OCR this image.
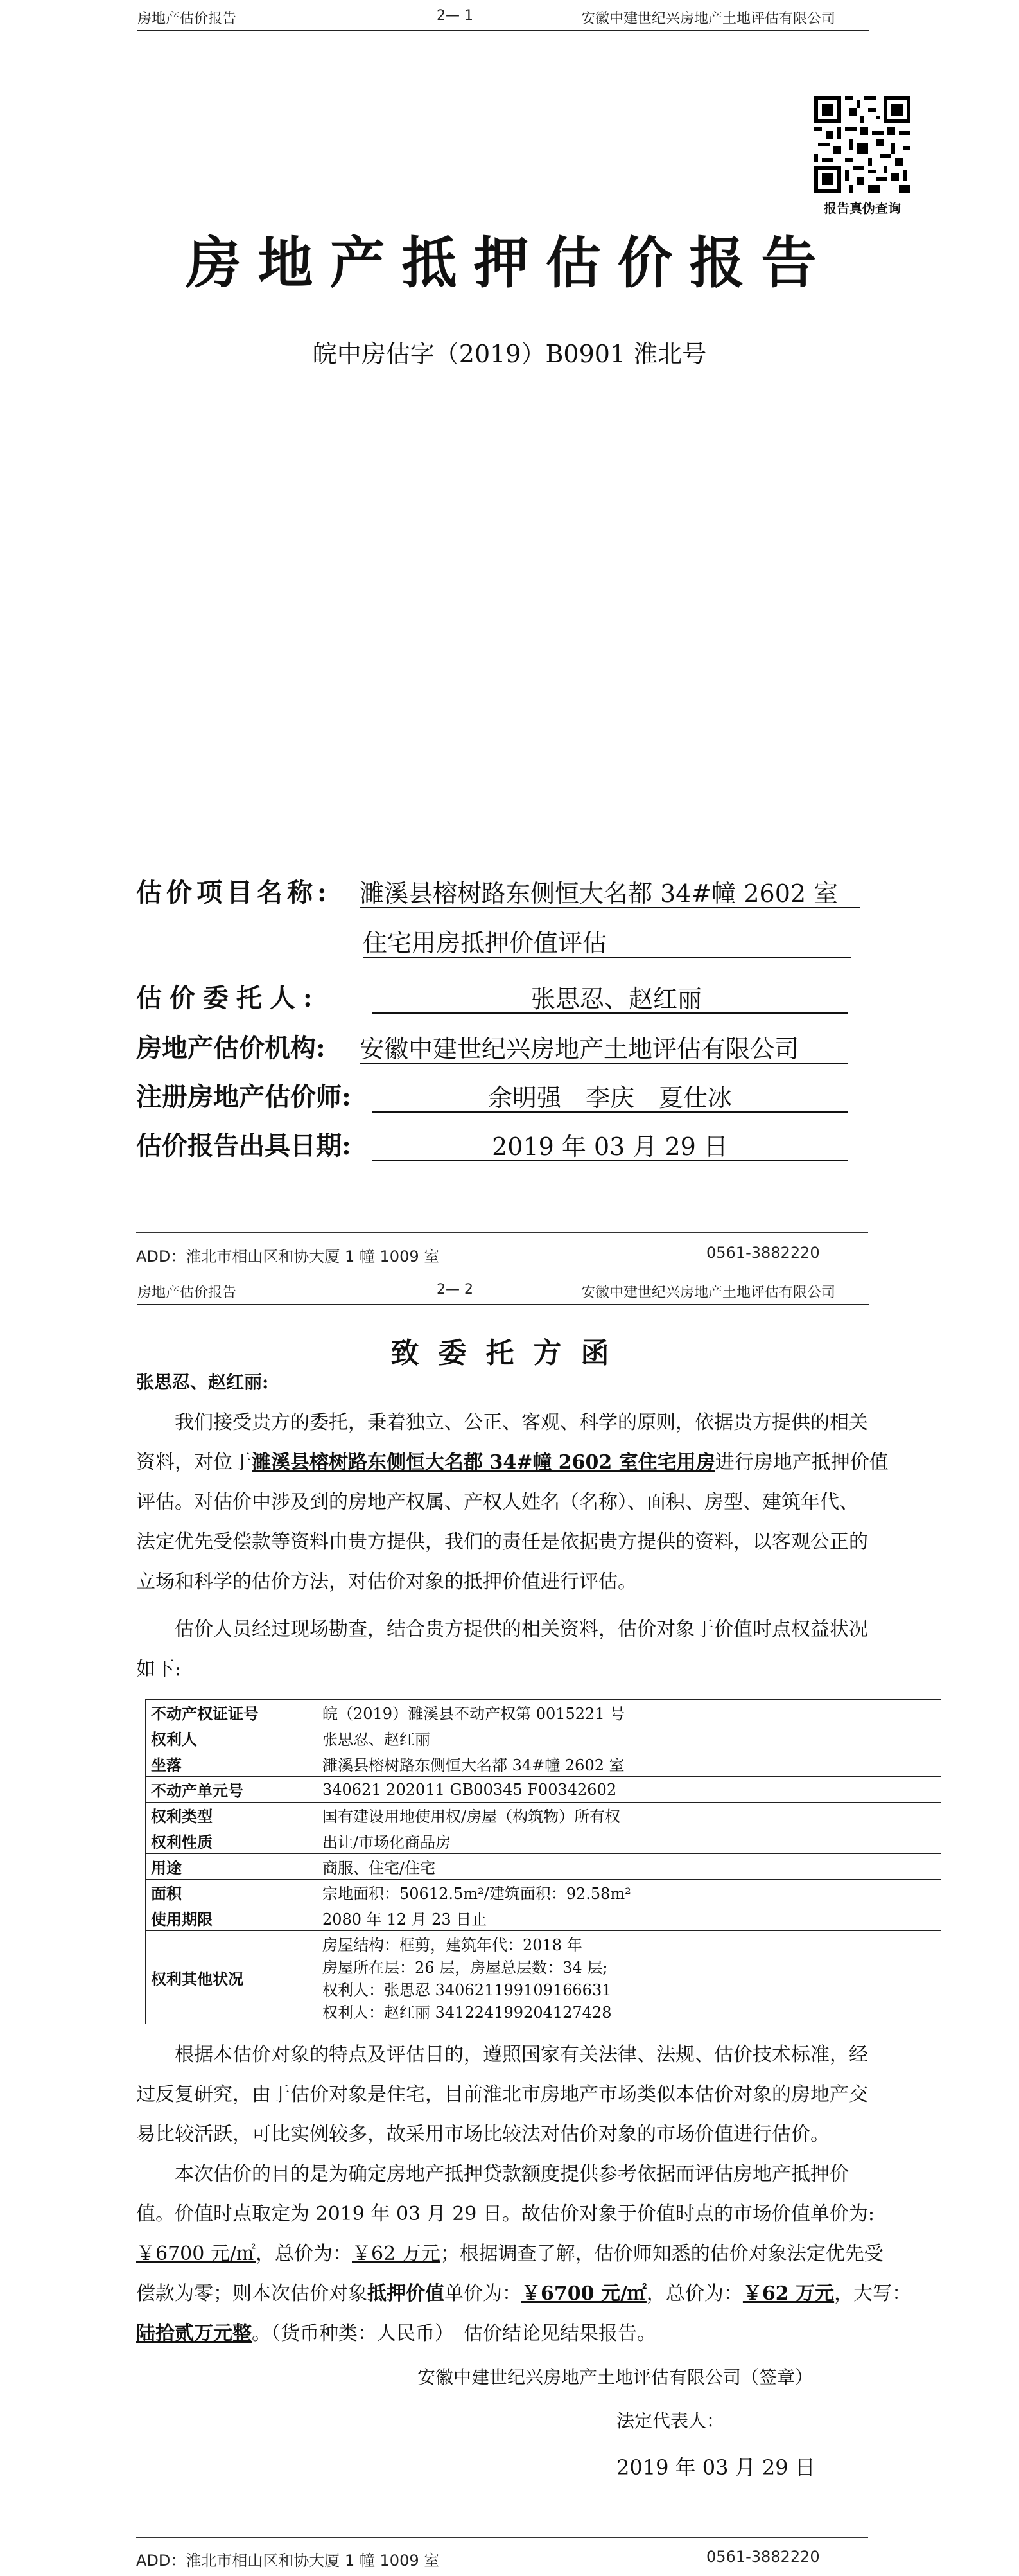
房地产估价报告	2— 1	安徽中建世纪兴房地产土地评估有限公司
报告真伪查询
房地产抵押估价报告
皖中房估字（2019）B0901 淮北号
估价项目名称: 濉溪县榕树路东侧恒大名都 34#幢 2602 室
住宅用房抵押价值评估
估价委托人:	张思忍、赵红丽
房地产估价机构: 安徽中建世纪兴房地产土地评估有限公司
注册房地产估价师:	余明强　李庆　夏仕冰
估价报告出具日期:	2019 年 03 月 29 日
ADD：淮北市相山区和协大厦 1 幢 1009 室	0561-3882220
房地产估价报告	2— 2	安徽中建世纪兴房地产土地评估有限公司
致委托方函
张思忍、赵红丽:
我们接受贵方的委托，秉着独立、公正、客观、科学的原则，依据贵方提供的相关
资料，对位于濉溪县榕树路东侧恒大名都 34#幢 2602 室住宅用房进行房地产抵押价值
评估。对估价中涉及到的房地产权属、产权人姓名（名称）、面积、房型、建筑年代、
法定优先受偿款等资料由贵方提供，我们的责任是依据贵方提供的资料，以客观公正的
立场和科学的估价方法，对估价对象的抵押价值进行评估。
估价人员经过现场勘查，结合贵方提供的相关资料，估价对象于价值时点权益状况
如下:
不动产权证证号	皖（2019）濉溪县不动产权第 0015221 号

权利人	张思忍、赵红丽

坐落	濉溪县榕树路东侧恒大名都 34#幢 2602 室

不动产单元号	340621 202011 GB00345 F00342602

权利类型	国有建设用地使用权/房屋（构筑物）所有权

权利性质	出让/市场化商品房

用途	商服、住宅/住宅

面积	宗地面积：50612.5m²/建筑面积：92.58m²

使用期限	2080 年 12 月 23 日止

权利其他状况	房屋结构：框剪，建筑年代：2018 年
房屋所在层：26 层，房屋总层数：34 层;
权利人：张思忍 340621199109166631
权利人：赵红丽 341224199204127428
根据本估价对象的特点及评估目的，遵照国家有关法律、法规、估价技术标准，经
过反复研究，由于估价对象是住宅，目前淮北市房地产市场类似本估价对象的房地产交
易比较活跃，可比实例较多，故采用市场比较法对估价对象的市场价值进行估价。
本次估价的目的是为确定房地产抵押贷款额度提供参考依据而评估房地产抵押价
值。价值时点取定为 2019 年 03 月 29 日。故估价对象于价值时点的市场价值单价为:
￥6700 元/㎡，总价为：￥62 万元；根据调查了解，估价师知悉的估价对象法定优先受
偿款为零；则本次估价对象抵押价值单价为：￥6700 元/㎡，总价为：￥62 万元，大写：
陆拾贰万元整。（货币种类：人民币）　估价结论见结果报告。
安徽中建世纪兴房地产土地评估有限公司（签章）
法定代表人：
2019 年 03 月 29 日
ADD：淮北市相山区和协大厦 1 幢 1009 室	0561-3882220
